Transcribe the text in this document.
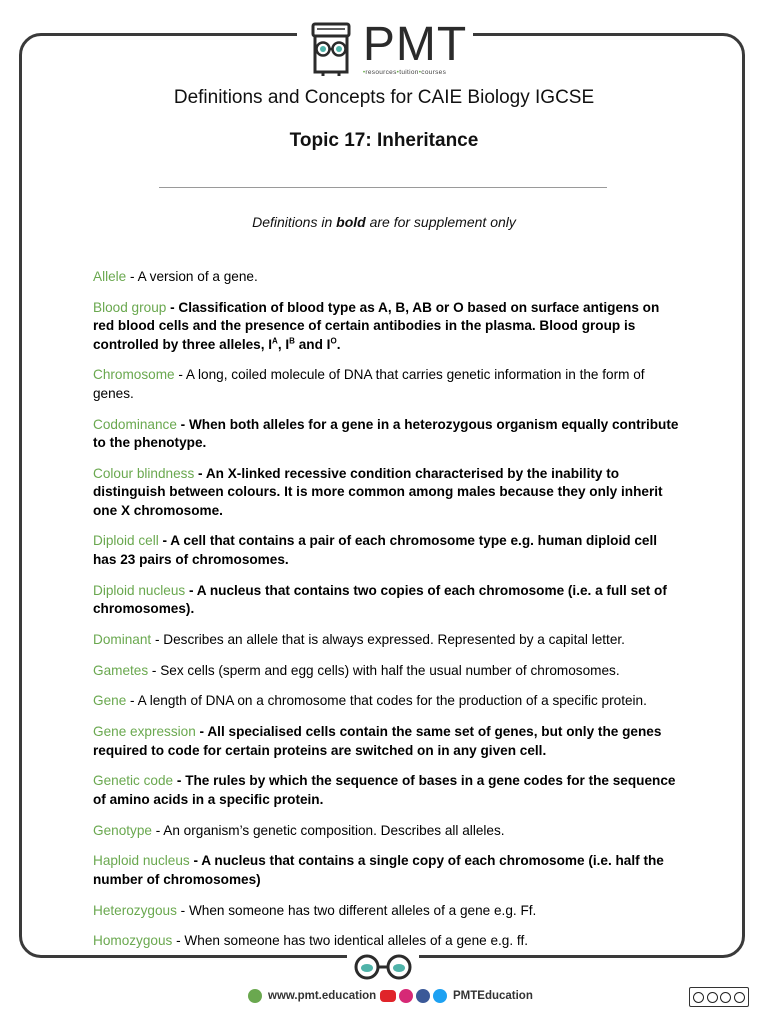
PMT
•resources•tuition•courses
Definitions and Concepts for CAIE Biology IGCSE
Topic 17: Inheritance
Definitions in bold are for supplement only
Allele - A version of a gene.
Blood group - Classification of blood type as A, B, AB or O based on surface antigens on red blood cells and the presence of certain antibodies in the plasma. Blood group is controlled by three alleles, $I^A$, $I^B$ and $I^O$.
Chromosome - A long, coiled molecule of DNA that carries genetic information in the form of genes.
Codominance - When both alleles for a gene in a heterozygous organism equally contribute to the phenotype.
Colour blindness - An X-linked recessive condition characterised by the inability to distinguish between colours. It is more common among males because they only inherit one X chromosome.
Diploid cell - A cell that contains a pair of each chromosome type e.g. human diploid cell has 23 pairs of chromosomes.
Diploid nucleus - A nucleus that contains two copies of each chromosome (i.e. a full set of chromosomes).
Dominant - Describes an allele that is always expressed. Represented by a capital letter.
Gametes - Sex cells (sperm and egg cells) with half the usual number of chromosomes.
Gene - A length of DNA on a chromosome that codes for the production of a specific protein.
Gene expression - All specialised cells contain the same set of genes, but only the genes required to code for certain proteins are switched on in any given cell.
Genetic code - The rules by which the sequence of bases in a gene codes for the sequence of amino acids in a specific protein.
Genotype - An organism’s genetic composition. Describes all alleles.
Haploid nucleus - A nucleus that contains a single copy of each chromosome (i.e. half the number of chromosomes)
Heterozygous - When someone has two different alleles of a gene e.g. Ff.
Homozygous - When someone has two identical alleles of a gene e.g. ff.
www.pmt.education	PMTEducation
